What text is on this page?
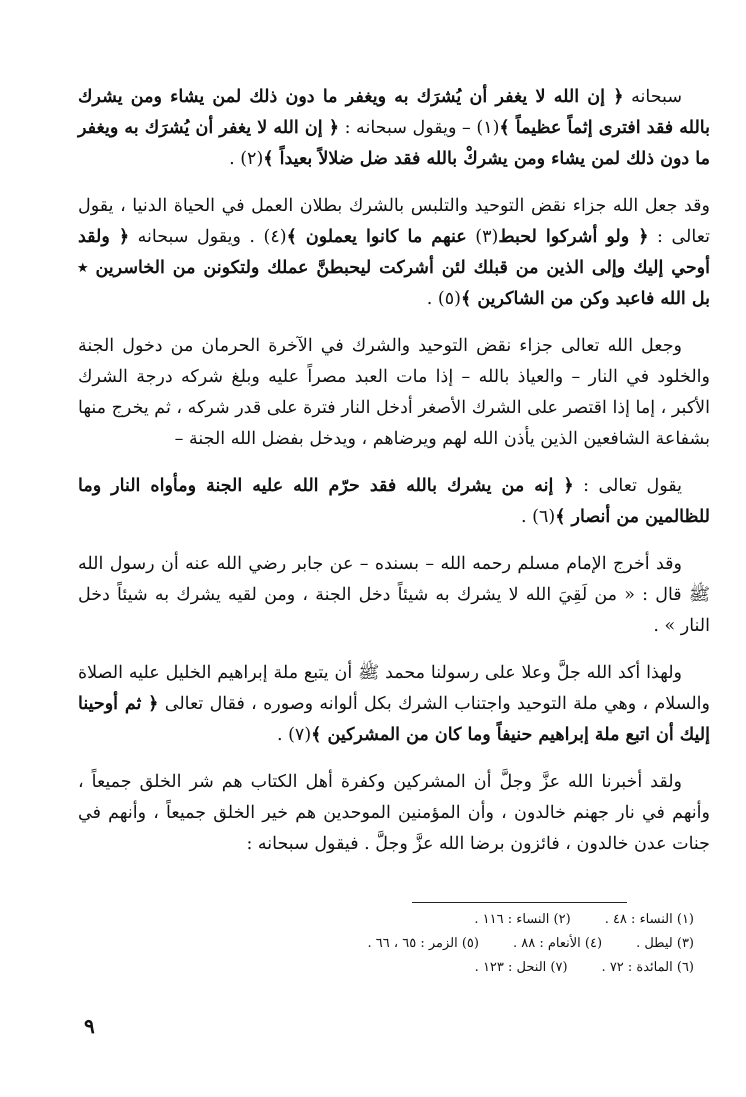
سبحانه ﴿ إن الله لا يغفر أن يُشرَك به ويغفر ما دون ذلك لمن يشاء ومن يشرك بالله فقد افترى إثماً عظيماً ﴾(١) – ويقول سبحانه : ﴿ إن الله لا يغفر أن يُشرَك به ويغفر ما دون ذلك لمن يشاء ومن يشركْ بالله فقد ضل ضلالاً بعيداً ﴾(٢) .

وقد جعل الله جزاء نقض التوحيد والتلبس بالشرك بطلان العمل في الحياة الدنيا ، يقول تعالى : ﴿ ولو أشركوا لحبط(٣) عنهم ما كانوا يعملون ﴾(٤) . ويقول سبحانه ﴿ ولقد أوحي إليك وإلى الذين من قبلك لئن أشركت ليحبطنَّ عملك ولتكونن من الخاسرين ٭ بل الله فاعبد وكن من الشاكرين ﴾(٥) .

وجعل الله تعالى جزاء نقض التوحيد والشرك في الآخرة الحرمان من دخول الجنة والخلود في النار – والعياذ بالله – إذا مات العبد مصراً عليه وبلغ شركه درجة الشرك الأكبر ، إما إذا اقتصر على الشرك الأصغر أدخل النار فترة على قدر شركه ، ثم يخرج منها بشفاعة الشافعين الذين يأذن الله لهم ويرضاهم ، ويدخل بفضل الله الجنة –

يقول تعالى : ﴿ إنه من يشرك بالله فقد حرّم الله عليه الجنة ومأواه النار وما للظالمين من أنصار ﴾(٦) .

وقد أخرج الإمام مسلم رحمه الله – بسنده – عن جابر رضي الله عنه أن رسول الله ﷺ قال : « من لَقِيَ الله لا يشرك به شيئاً دخل الجنة ، ومن لقيه يشرك به شيئاً دخل النار » .

ولهذا أكد الله جلَّ وعلا على رسولنا محمد ﷺ أن يتبع ملة إبراهيم الخليل عليه الصلاة والسلام ، وهي ملة التوحيد واجتناب الشرك بكل ألوانه وصوره ، فقال تعالى ﴿ ثم أوحينا إليك أن اتبع ملة إبراهيم حنيفاً وما كان من المشركين ﴾(٧) .

ولقد أخبرنا الله عزَّ وجلَّ أن المشركين وكفرة أهل الكتاب هم شر الخلق جميعاً ، وأنهم في نار جهنم خالدون ، وأن المؤمنين الموحدين هم خير الخلق جميعاً ، وأنهم في جنات عدن خالدون ، فائزون برضا الله عزَّ وجلَّ . فيقول سبحانه :

(١) النساء : ٤٨ .(٢) النساء : ١١٦ .
(٣) ليطل .(٤) الأنعام : ٨٨ .(٥) الزمر : ٦٥ ، ٦٦ .
(٦) المائدة : ٧٢ .(٧) النحل : ١٢٣ .
٩
